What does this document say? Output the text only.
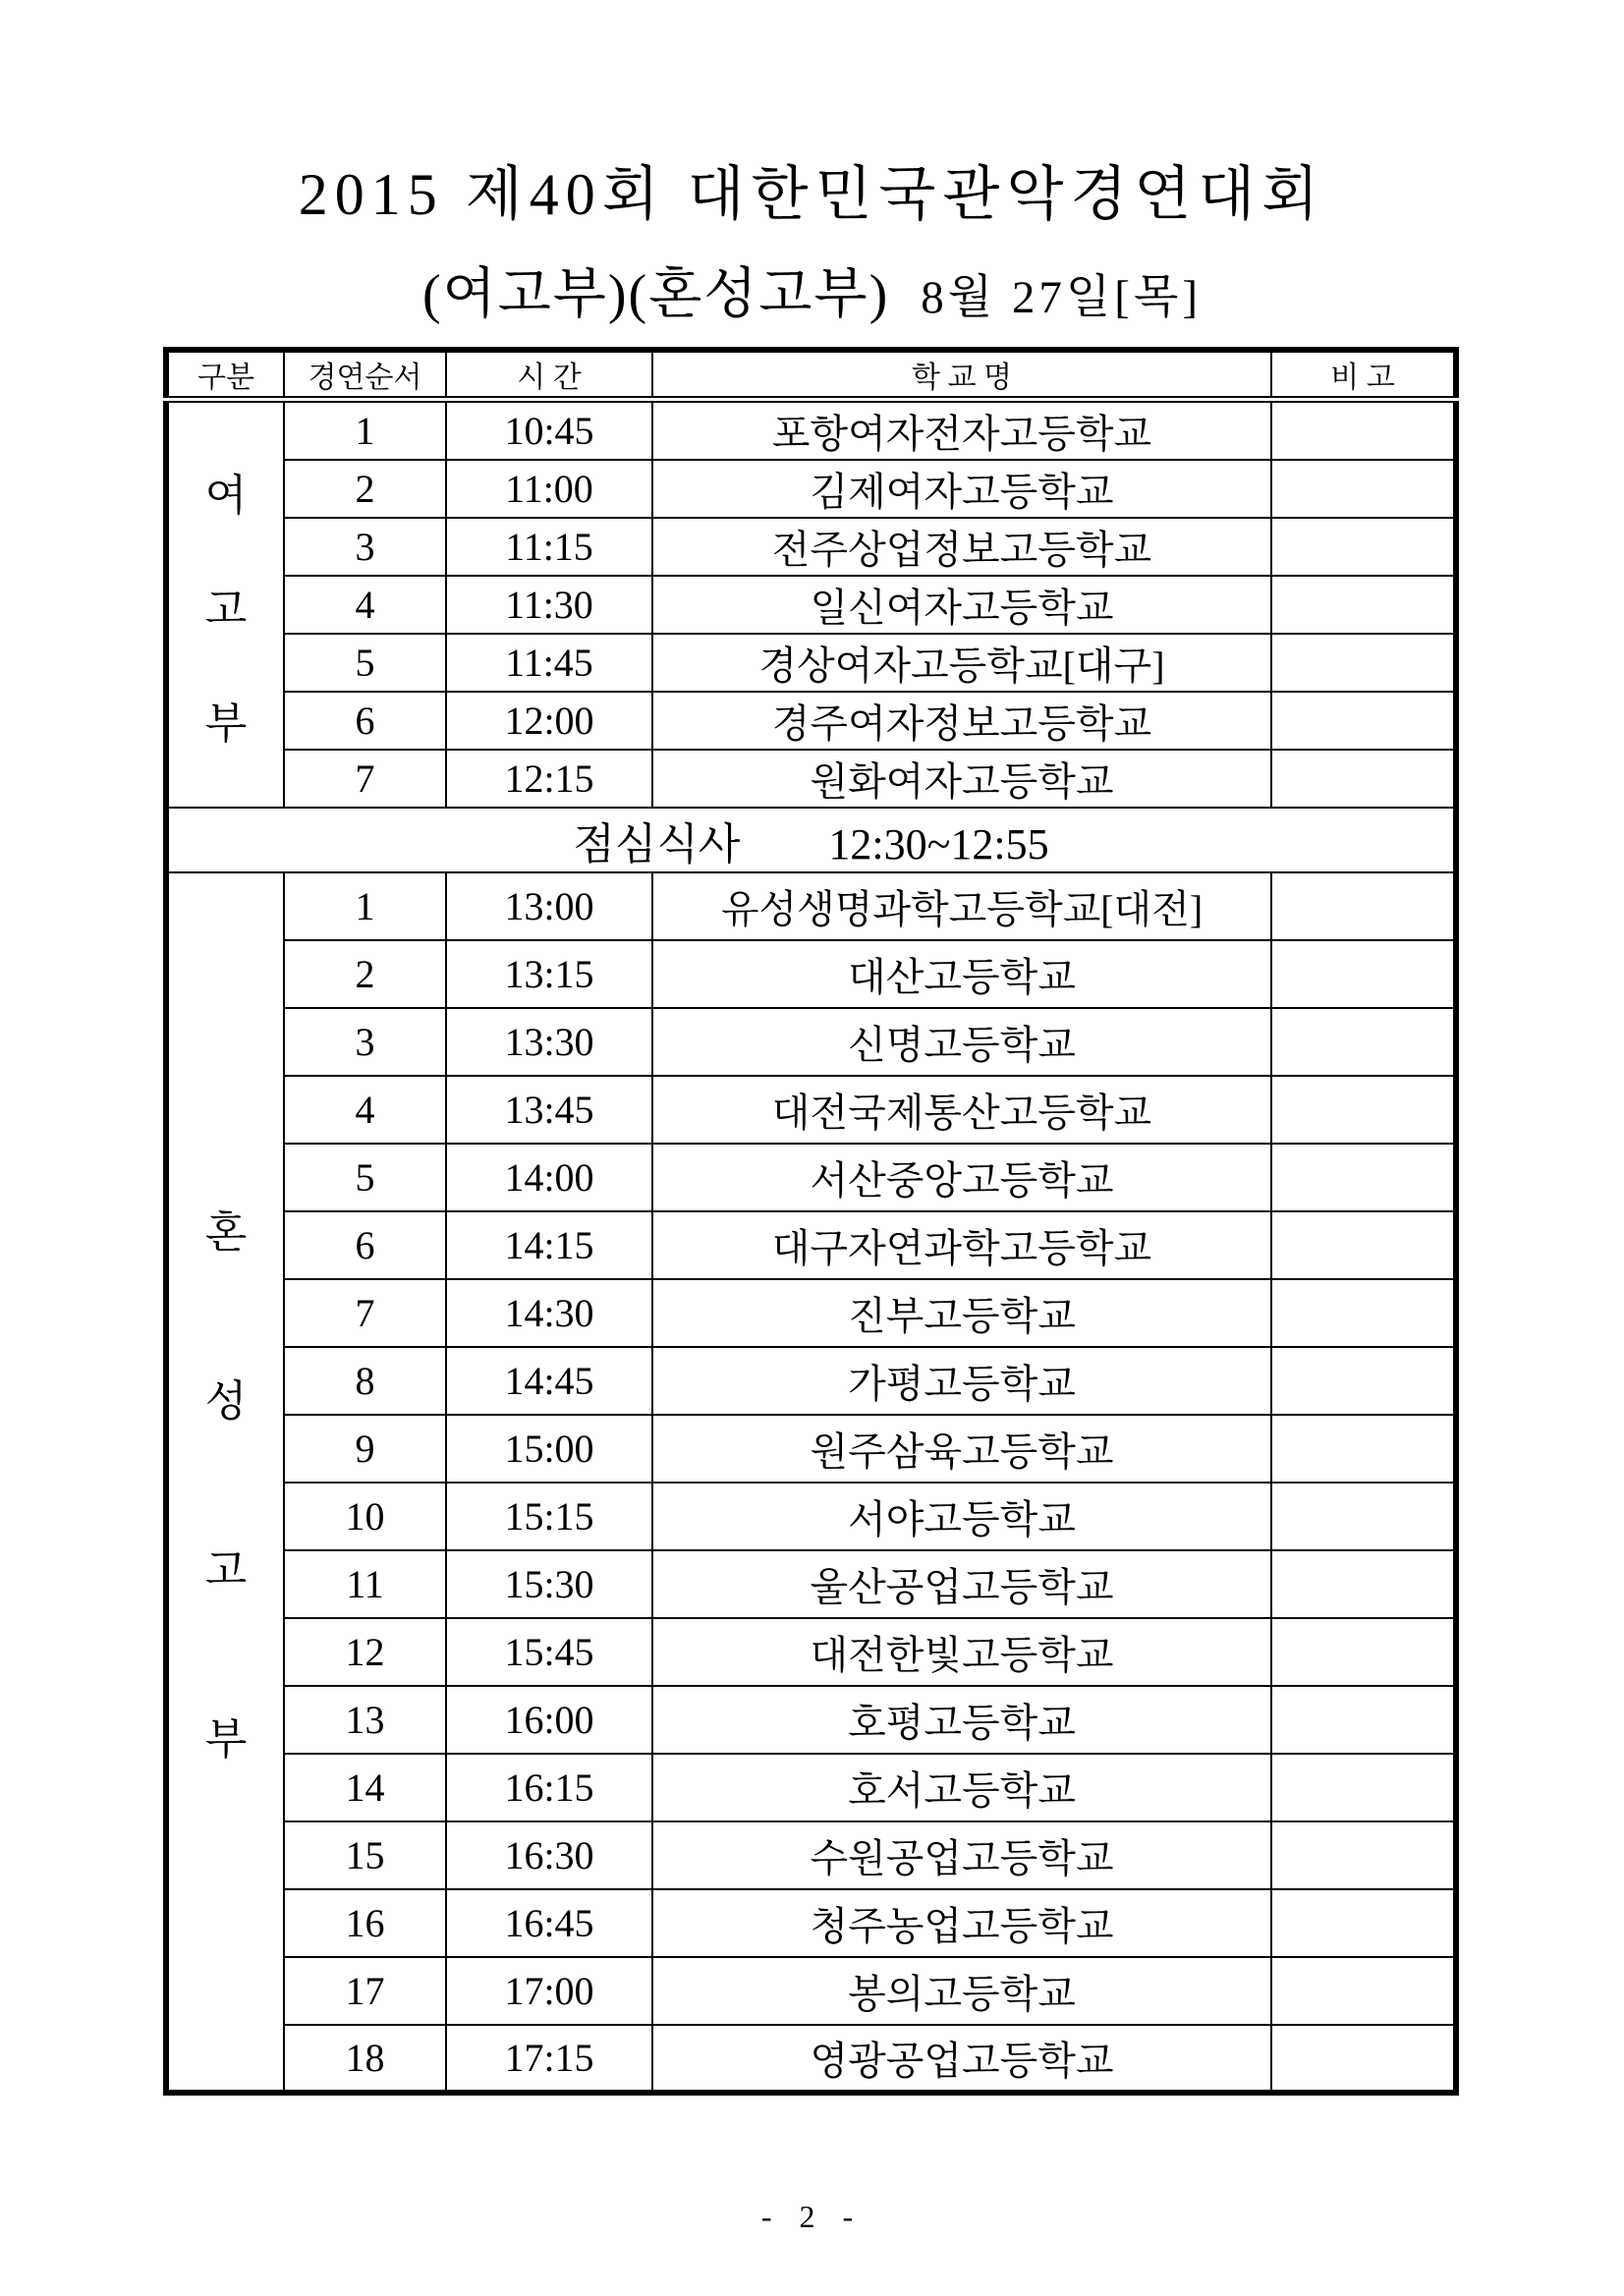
2015 제40회 대한민국관악경연대회
(여고부)(혼성고부) 8월 27일[목]
구분	경연순서	시 간	학 교 명	비 고

여
고
부	1	10:45	포항여자전자고등학교	
	2	11:00	김제여자고등학교	
	3	11:15	전주상업정보고등학교	
	4	11:30	일신여자고등학교	
	5	11:45	경상여자고등학교[대구]	
	6	12:00	경주여자정보고등학교	
	7	12:15	원화여자고등학교	
점심식사 12:30~12:55				

혼
성
고
부	1	13:00	유성생명과학고등학교[대전]	
	2	13:15	대산고등학교	
	3	13:30	신명고등학교	
	4	13:45	대전국제통산고등학교	
	5	14:00	서산중앙고등학교	
	6	14:15	대구자연과학고등학교	
	7	14:30	진부고등학교	
	8	14:45	가평고등학교	
	9	15:00	원주삼육고등학교	
	10	15:15	서야고등학교	
	11	15:30	울산공업고등학교	
	12	15:45	대전한빛고등학교	
	13	16:00	호평고등학교	
	14	16:15	호서고등학교	
	15	16:30	수원공업고등학교	
	16	16:45	청주농업고등학교	
	17	17:00	봉의고등학교	
	18	17:15	영광공업고등학교	
- 2 -
